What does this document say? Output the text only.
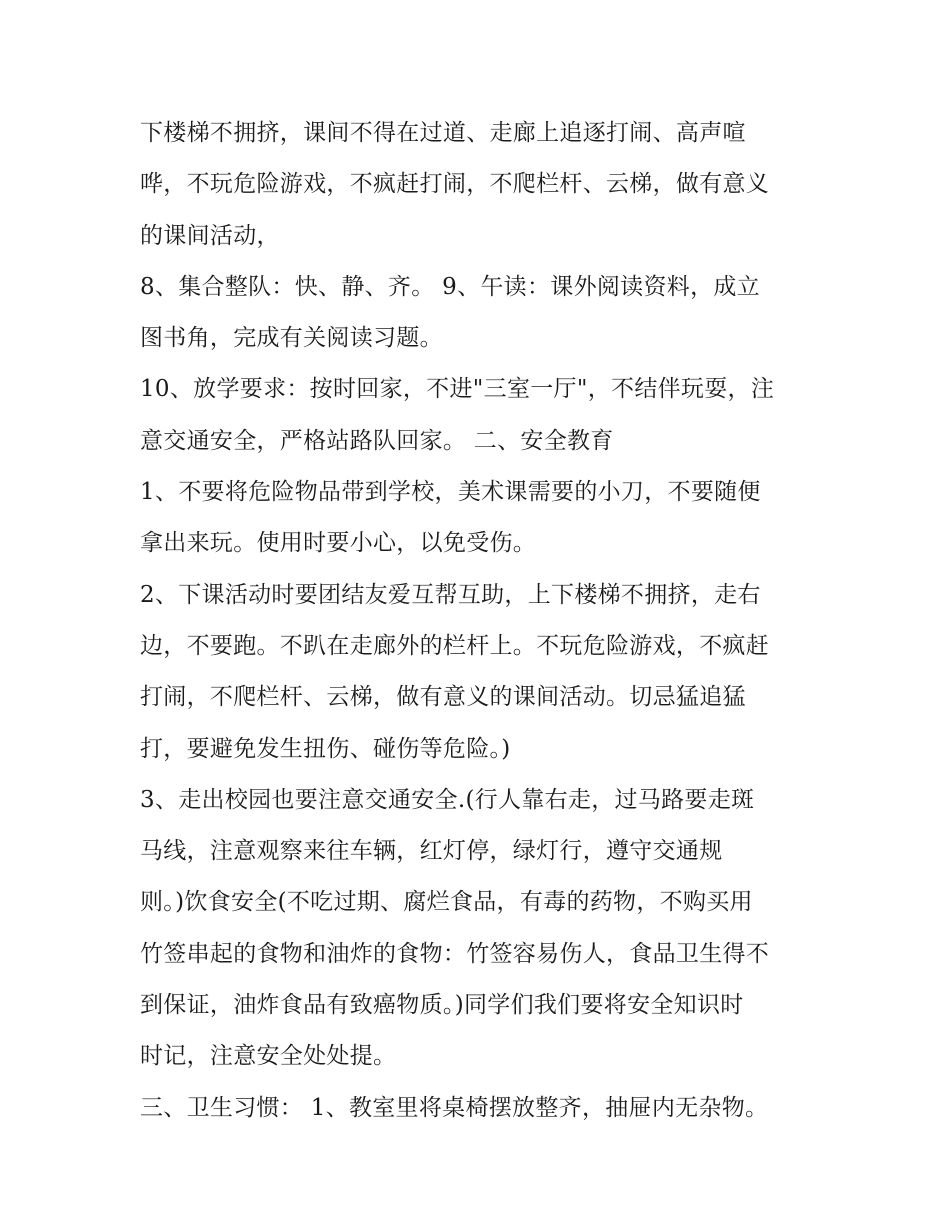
下楼梯不拥挤，课间不得在过道、走廊上追逐打闹、高声喧
哗，不玩危险游戏，不疯赶打闹，不爬栏杆、云梯，做有意义
的课间活动，
8、集合整队：快、静、齐。 9、午读：课外阅读资料，成立
图书角，完成有关阅读习题。
10、放学要求：按时回家，不进"三室一厅"，不结伴玩耍，注
意交通安全，严格站路队回家。 二、安全教育
1、不要将危险物品带到学校，美术课需要的小刀，不要随便
拿出来玩。使用时要小心，以免受伤。
2、下课活动时要团结友爱互帮互助，上下楼梯不拥挤，走右
边，不要跑。不趴在走廊外的栏杆上。不玩危险游戏，不疯赶
打闹，不爬栏杆、云梯，做有意义的课间活动。切忌猛追猛
打，要避免发生扭伤、碰伤等危险。)
3、走出校园也要注意交通安全.(行人靠右走，过马路要走斑
马线，注意观察来往车辆，红灯停，绿灯行，遵守交通规
则。)饮食安全(不吃过期、腐烂食品，有毒的药物，不购买用
竹签串起的食物和油炸的食物：竹签容易伤人，食品卫生得不
到保证，油炸食品有致癌物质。)同学们我们要将安全知识时
时记，注意安全处处提。
三、卫生习惯： 1、教室里将桌椅摆放整齐，抽屉内无杂物。
